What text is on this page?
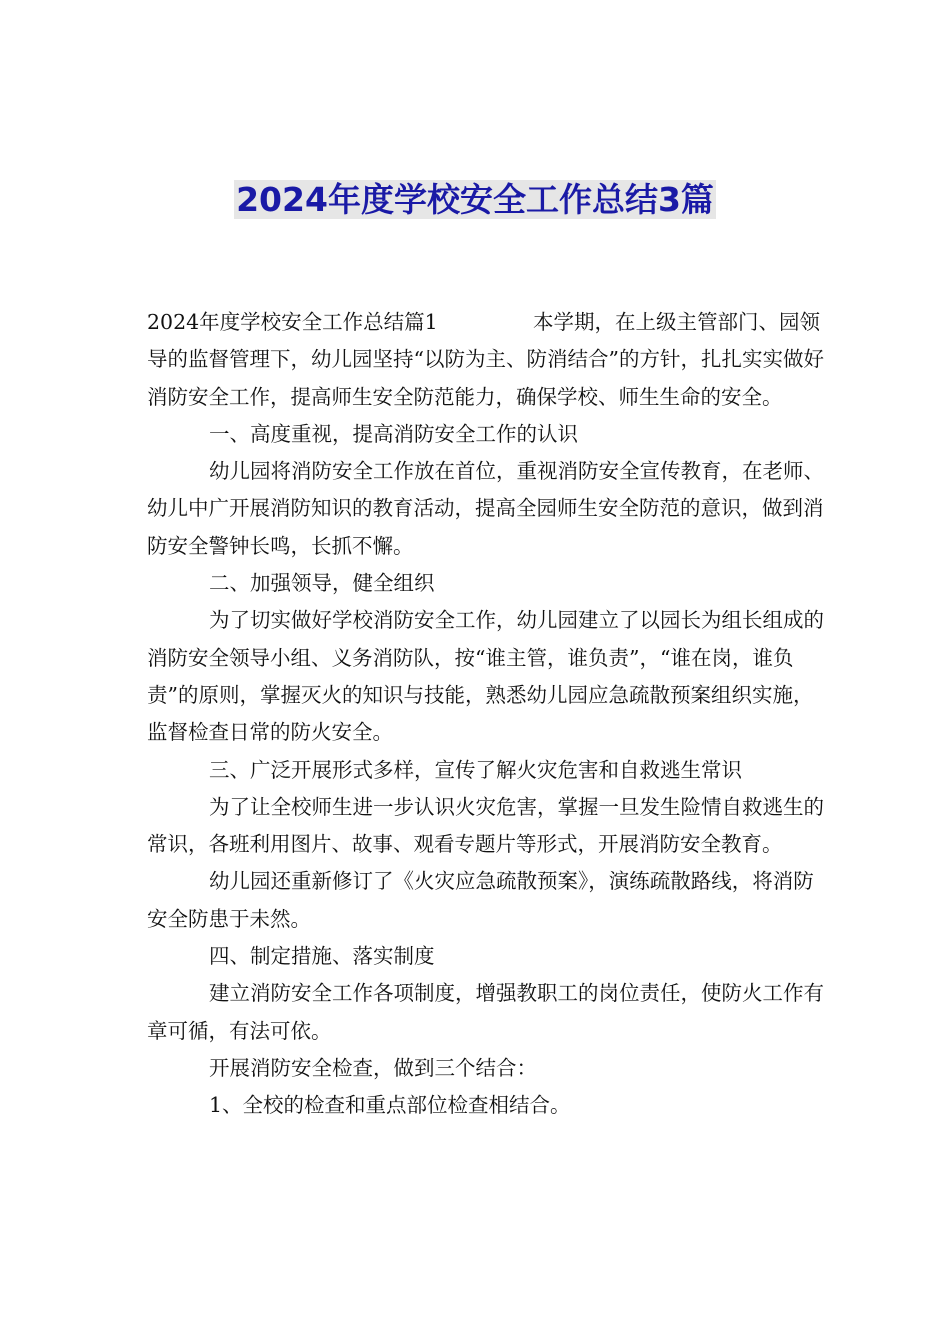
2024年度学校安全工作总结3篇

2024年度学校安全工作总结篇1	本学期，在上级主管部门、园领导的监督管理下，幼儿园坚持“以防为主、防消结合”的方针，扎扎实实做好消防安全工作，提高师生安全防范能力，确保学校、师生生命的安全。

一、高度重视，提高消防安全工作的认识

幼儿园将消防安全工作放在首位，重视消防安全宣传教育，在老师、幼儿中广开展消防知识的教育活动，提高全园师生安全防范的意识，做到消防安全警钟长鸣，长抓不懈。

二、加强领导，健全组织

为了切实做好学校消防安全工作，幼儿园建立了以园长为组长组成的消防安全领导小组、义务消防队，按“谁主管，谁负责”，“谁在岗，谁负责”的原则，掌握灭火的知识与技能，熟悉幼儿园应急疏散预案组织实施，监督检查日常的防火安全。

三、广泛开展形式多样，宣传了解火灾危害和自救逃生常识

为了让全校师生进一步认识火灾危害，掌握一旦发生险情自救逃生的常识，各班利用图片、故事、观看专题片等形式，开展消防安全教育。

幼儿园还重新修订了《火灾应急疏散预案》，演练疏散路线，将消防安全防患于未然。

四、制定措施、落实制度

建立消防安全工作各项制度，增强教职工的岗位责任，使防火工作有章可循，有法可依。

开展消防安全检查，做到三个结合：

1、全校的检查和重点部位检查相结合。
